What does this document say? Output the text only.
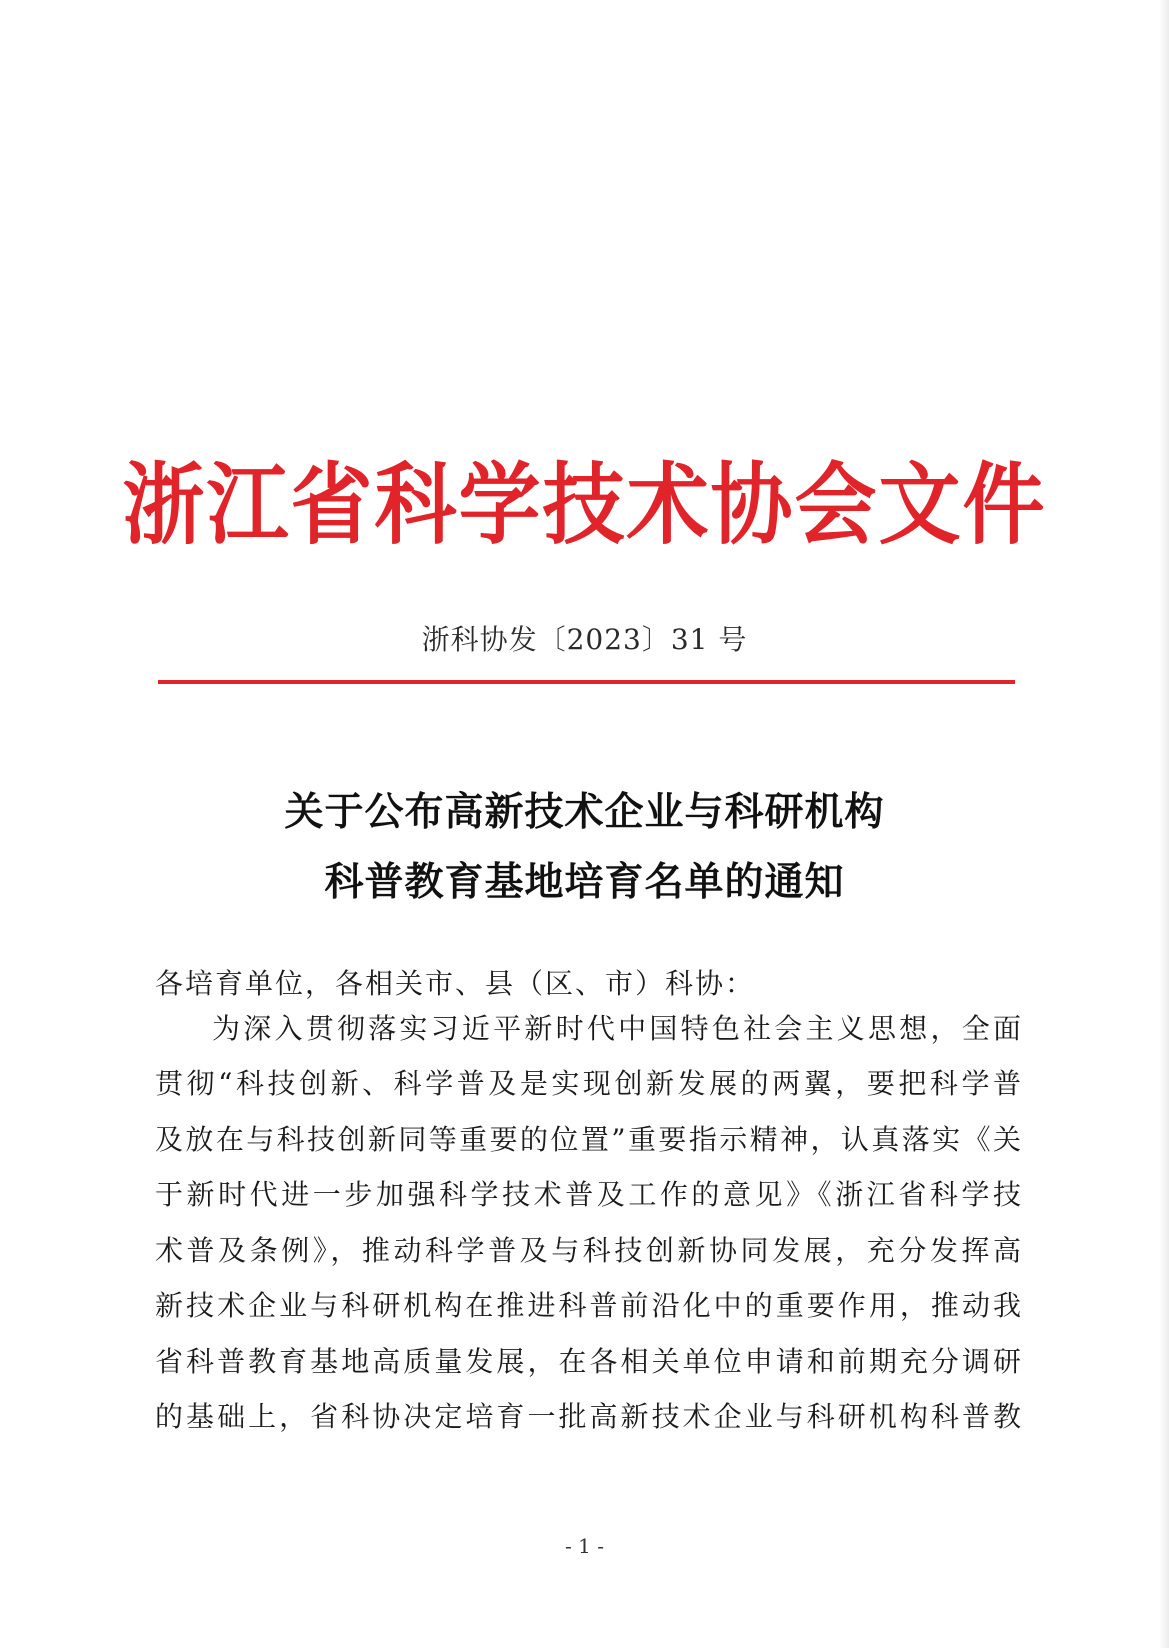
浙江省科学技术协会文件
浙科协发〔2023〕31 号
关于公布高新技术企业与科研机构
科普教育基地培育名单的通知
各培育单位，各相关市、县（区、市）科协：
为深入贯彻落实习近平新时代中国特色社会主义思想，全面
贯彻“科技创新、科学普及是实现创新发展的两翼，要把科学普
及放在与科技创新同等重要的位置”重要指示精神，认真落实《关
于新时代进一步加强科学技术普及工作的意见》《浙江省科学技
术普及条例》，推动科学普及与科技创新协同发展，充分发挥高
新技术企业与科研机构在推进科普前沿化中的重要作用，推动我
省科普教育基地高质量发展，在各相关单位申请和前期充分调研
的基础上，省科协决定培育一批高新技术企业与科研机构科普教
- 1 -
